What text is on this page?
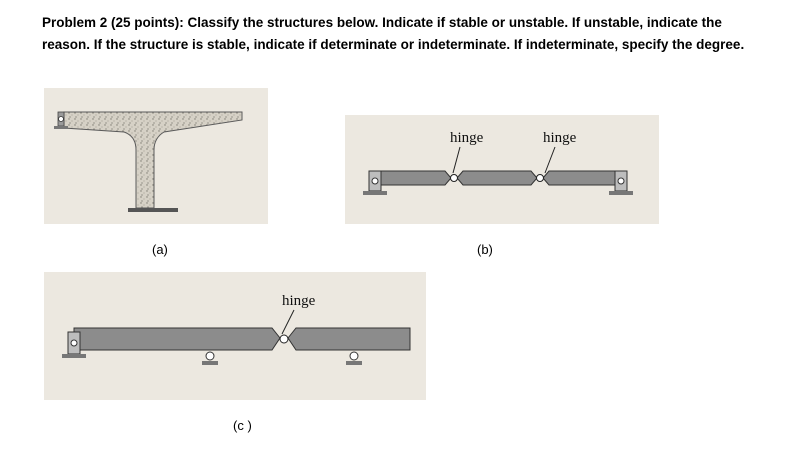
Problem 2 (25 points): Classify the structures below. Indicate if stable or unstable. If unstable, indicate the reason. If the structure is stable, indicate if determinate or indeterminate. If indeterminate, specify the degree.
(a)
hinge	hinge
(b)
hinge
(c )
